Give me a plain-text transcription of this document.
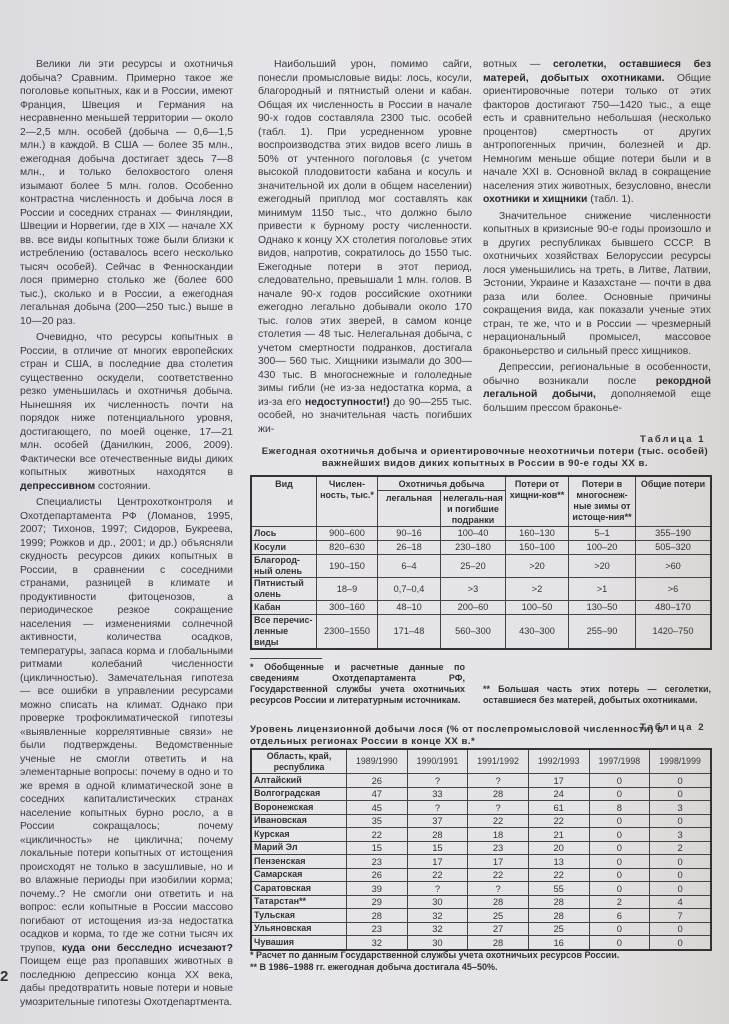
Велики ли эти ресурсы и охотничья добыча? Сравним. Примерно такое же поголовье копытных, как и в России, имеют Франция, Швеция и Германия на несравненно меньшей территории — около 2—2,5 млн. особей (добыча — 0,6—1,5 млн.) в каждой. В США — более 35 млн., ежегодная добыча достигает здесь 7—8 млн., и только белохвостого оленя изымают более 5 млн. голов. Особенно контрастна численность и добыча лося в России и соседних странах — Финляндии, Швеции и Норвегии, где в XIX — начале XX вв. все виды копытных тоже были близки к истреблению (оставалось всего несколько тысяч особей). Сейчас в Фенноскандии лося примерно столько же (более 600 тыс.), сколько и в России, а ежегодная легальная добыча (200—250 тыс.) выше в 10—20 раз.

Очевидно, что ресурсы копытных в России, в отличие от многих европейских стран и США, в последние два столетия существенно оскудели, соответственно резко уменьшилась и охотничья добыча. Нынешняя их численность почти на порядок ниже потенциального уровня, достигающего, по моей оценке, 17—21 млн. особей (Данилкин, 2006, 2009). Фактически все отечественные виды диких копытных животных находятся в депрессивном состоянии.

Специалисты Центрохотконтроля и Охотдепартамента РФ (Ломанов, 1995, 2007; Тихонов, 1997; Сидоров, Букреева, 1999; Рожков и др., 2001; и др.) объясняли скудность ресурсов диких копытных в России, в сравнении с соседними странами, разницей в климате и продуктивности фитоценозов, а периодическое резкое сокращение населения — изменениями солнечной активности, количества осадков, температуры, запаса корма и глобальными ритмами колебаний численности (цикличностью). Замечательная гипотеза — все ошибки в управлении ресурсами можно списать на климат. Однако при проверке трофоклиматической гипотезы «выявленные коррелятивные связи» не были подтверждены. Ведомственные ученые не смогли ответить и на элементарные вопросы: почему в одно и то же время в одной климатической зоне в соседних капиталистических странах население копытных бурно росло, а в России сокращалось; почему «цикличность» не циклична; почему локальные потери копытных от истощения происходят не только в засушливые, но и во влажные периоды при изобилии корма; почему..? Не смогли они ответить и на вопрос: если копытные в России массово погибают от истощения из-за недостатка осадков и корма, то где же сотни тысяч их трупов, куда они бесследно исчезают? Поищем еще раз пропавших животных в последнюю депрессию конца XX века, дабы предотвратить новые потери и новые умозрительные гипотезы Охотдепартмента.

Наибольший урон, помимо сайги, понесли промысловые виды: лось, косули, благородный и пятнистый олени и кабан. Общая их численность в России в начале 90-х годов составляла 2300 тыс. особей (табл. 1). При усредненном уровне воспроизводства этих видов всего лишь в 50% от учтенного поголовья (с учетом высокой плодовитости кабана и косуль и значительной их доли в общем населении) ежегодный приплод мог составлять как минимум 1150 тыс., что должно было привести к бурному росту численности. Однако к концу XX столетия поголовье этих видов, напротив, сократилось до 1550 тыс. Ежегодные потери в этот период, следовательно, превышали 1 млн. голов. В начале 90-х годов российские охотники ежегодно легально добывали около 170 тыс. голов этих зверей, в самом конце столетия — 48 тыс. Нелегальная добыча, с учетом смертности подранков, достигала 300— 560 тыс. Хищники изымали до 300—430 тыс. В многоснежные и гололедные зимы гибли (не из-за недостатка корма, а из-за его недоступности!) до 90—255 тыс. особей, но значительная часть погибших жи-

вотных — сеголетки, оставшиеся без матерей, добытых охотниками. Общие ориентировочные потери только от этих факторов достигают 750—1420 тыс., а еще есть и сравнительно небольшая (несколько процентов) смертность от других антропогенных причин, болезней и др. Немногим меньше общие потери были и в начале XXI в. Основной вклад в сокращение населения этих животных, безусловно, внесли охотники и хищники (табл. 1).

Значительное снижение численности копытных в кризисные 90-е годы произошло и в других республиках бывшего СССР. В охотничьих хозяйствах Белоруссии ресурсы лося уменьшились на треть, в Литве, Латвии, Эстонии, Украине и Казахстане — почти в два раза или более. Основные причины сокращения вида, как показали ученые этих стран, те же, что и в России — чрезмерный нерациональный промысел, массовое браконьерство и сильный пресс хищников.

Депрессии, региональные в особенности, обычно возникали после рекордной легальной добычи, дополняемой еще большим прессом браконье-

Таблица 1
Ежегодная охотничья добыча и ориентировочные неохотничьи потери (тыс. особей) важнейших видов диких копытных в России в 90-е годы XX в.
Вид	Числен-ность, тыс.*	Охотничья добыча		Потери от хищни-ков**	Потери в многоснеж-ные зимы от истоще-ния**	Общие потери
		легальная	нелегаль-ная и погибшие подранки			
Лось	900–600	90–16	100–40	160–130	5–1	355–190
Косули	820–630	26–18	230–180	150–100	100–20	505–320
Благород-ный олень	190–150	6–4	25–20	>20	>20	>60
Пятнистый олень	18–9	0,7–0,4	>3	>2	>1	>6
Кабан	300–160	48–10	200–60	100–50	130–50	480–170
Все перечис-ленные виды	2300–1550	171–48	560–300	430–300	255–90	1420–750
* Обобщенные и расчетные данные по сведениям Охотдепартамента РФ, Государственной службы учета охотничьих ресурсов России и литературным источникам.
** Большая часть этих потерь — сеголетки, оставшиеся без матерей, добытых охотниками.
Таблица 2
Уровень лицензионной добычи лося (% от послепромысловой численности) в отдельных регионах России в конце XX в.*
Область, край, республика	1989/1990	1990/1991	1991/1992	1992/1993	1997/1998	1998/1999
Алтайский	26	?	?	17	0	0
Волгоградская	47	33	28	24	0	0
Воронежская	45	?	?	61	8	3
Ивановская	35	37	22	22	0	0
Курская	22	28	18	21	0	3
Марий Эл	15	15	23	20	0	2
Пензенская	23	17	17	13	0	0
Самарская	26	22	22	22	0	0
Саратовская	39	?	?	55	0	0
Татарстан**	29	30	28	28	2	4
Тульская	28	32	25	28	6	7
Ульяновская	23	32	27	25	0	0
Чувашия	32	30	28	16	0	0
* Расчет по данным Государственной службы учета охотничьих ресурсов России.
** В 1986–1988 гг. ежегодная добыча достигала 45–50%.
2
